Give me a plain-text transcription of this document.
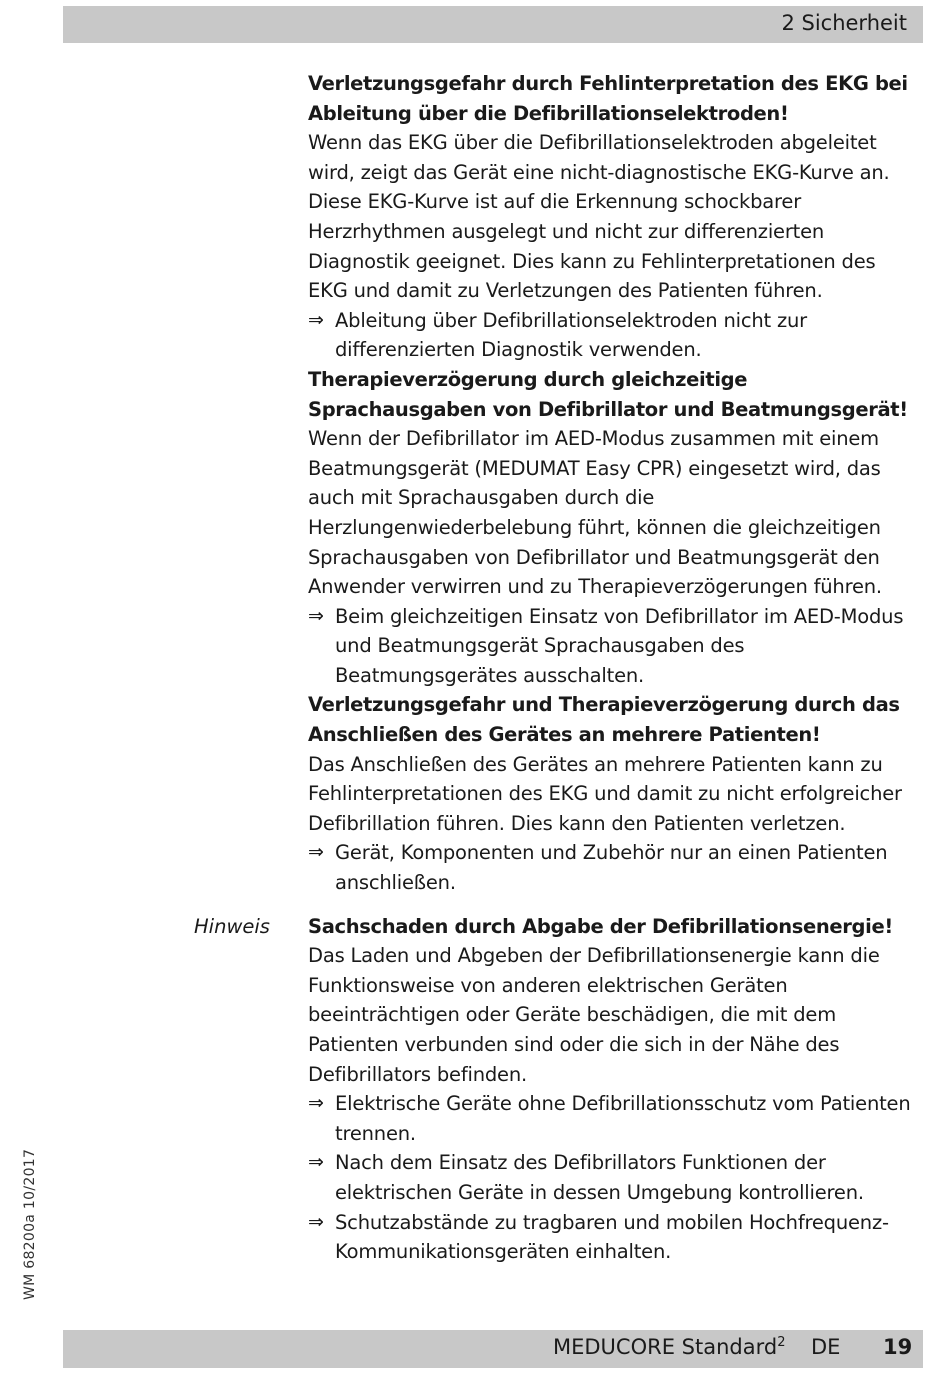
2 Sicherheit

Verletzungsgefahr durch Fehlinterpretation des EKG bei Ableitung über die Defibrillationselektroden!

Wenn das EKG über die Defibrillationselektroden abgeleitet wird, zeigt das Gerät eine nicht-diagnostische EKG-Kurve an. Diese EKG-Kurve ist auf die Erkennung schockbarer Herzrhythmen ausgelegt und nicht zur differenzierten Diagnostik geeignet. Dies kann zu Fehlinterpretationen des EKG und damit zu Verletzungen des Patienten führen.

⇒ Ableitung über Defibrillationselektroden nicht zur differenzierten Diagnostik verwenden.

Therapieverzögerung durch gleichzeitige Sprachausgaben von Defibrillator und Beatmungsgerät!

Wenn der Defibrillator im AED-Modus zusammen mit einem Beatmungsgerät (MEDUMAT Easy CPR) eingesetzt wird, das auch mit Sprachausgaben durch die Herzlungenwiederbelebung führt, können die gleichzeitigen Sprachausgaben von Defibrillator und Beatmungsgerät den Anwender verwirren und zu Therapieverzögerungen führen.

⇒ Beim gleichzeitigen Einsatz von Defibrillator im AED-Modus und Beatmungsgerät Sprachausgaben des Beatmungsgerätes ausschalten.

Verletzungsgefahr und Therapieverzögerung durch das Anschließen des Gerätes an mehrere Patienten!

Das Anschließen des Gerätes an mehrere Patienten kann zu Fehlinterpretationen des EKG und damit zu nicht erfolgreicher Defibrillation führen. Dies kann den Patienten verletzen.

⇒ Gerät, Komponenten und Zubehör nur an einen Patienten anschließen.
Hinweis Sachschaden durch Abgabe der Defibrillationsenergie!

Das Laden und Abgeben der Defibrillationsenergie kann die Funktionsweise von anderen elektrischen Geräten beeinträchtigen oder Geräte beschädigen, die mit dem Patienten verbunden sind oder die sich in der Nähe des Defibrillators befinden.

⇒ Elektrische Geräte ohne Defibrillationsschutz vom Patienten trennen.
⇒ Nach dem Einsatz des Defibrillators Funktionen der elektrischen Geräte in dessen Umgebung kontrollieren.
⇒ Schutzabstände zu tragbaren und mobilen Hochfrequenz-Kommunikationsgeräten einhalten.
WM 68200a 10/2017
MEDUCORE Standard$^2$ DE 19
